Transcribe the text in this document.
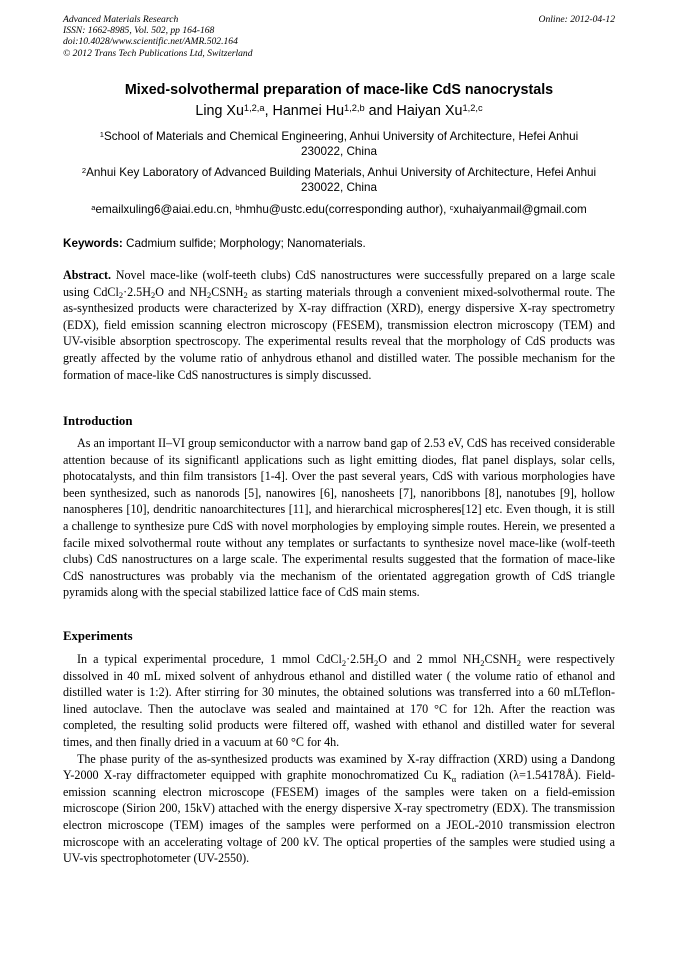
Advanced Materials Research
ISSN: 1662-8985, Vol. 502, pp 164-168
doi:10.4028/www.scientific.net/AMR.502.164
© 2012 Trans Tech Publications Ltd, Switzerland
Online: 2012-04-12
Mixed-solvothermal preparation of mace-like CdS nanocrystals
Ling Xu$^{1,2,a}$, Hanmei Hu$^{1,2,b}$ and Haiyan Xu$^{1,2,c}$
$^1$School of Materials and Chemical Engineering, Anhui University of Architecture, Hefei Anhui
230022, China
$^2$Anhui Key Laboratory of Advanced Building Materials, Anhui University of Architecture, Hefei Anhui
230022, China
$^a$emailxuling6@aiai.edu.cn, $^b$hmhu@ustc.edu(corresponding author), $^c$xuhaiyanmail@gmail.com
Keywords: Cadmium sulfide; Morphology; Nanomaterials.

Abstract. Novel mace-like (wolf-teeth clubs) CdS nanostructures were successfully prepared on a large scale using $CdCl_2\cdot 2.5H_2O$ and $NH_2CSNH_2$ as starting materials through a convenient mixed-solvothermal route. The as-synthesized products were characterized by X-ray diffraction (XRD), energy dispersive X-ray spectrometry (EDX), field emission scanning electron microscopy (FESEM), transmission electron microscopy (TEM) and UV-visible absorption spectroscopy. The experimental results reveal that the morphology of CdS products was greatly affected by the volume ratio of anhydrous ethanol and distilled water. The possible mechanism for the formation of mace-like CdS nanostructures is simply discussed.

Introduction

As an important II–VI group semiconductor with a narrow band gap of 2.53 eV, CdS has received considerable attention because of its significantl applications such as light emitting diodes, flat panel displays, solar cells, photocatalysts, and thin film transistors [1-4]. Over the past several years, CdS with various morphologies have been synthesized, such as nanorods [5], nanowires [6], nanosheets [7], nanoribbons [8], nanotubes [9], hollow nanospheres [10], dendritic nanoarchitectures [11], and hierarchical microspheres[12] etc. Even though, it is still a challenge to synthesize pure CdS with novel morphologies by employing simple routes. Herein, we presented a facile mixed solvothermal route without any templates or surfactants to synthesize novel mace-like (wolf-teeth clubs) CdS nanostructures on a large scale. The experimental results suggested that the formation of mace-like CdS nanostructures was probably via the mechanism of the orientated aggregation growth of CdS triangle pyramids along with the special stabilized lattice face of CdS main stems.

Experiments

In a typical experimental procedure, 1 mmol $CdCl_2\cdot 2.5H_2O$ and 2 mmol $NH_2CSNH_2$ were respectively dissolved in 40 mL mixed solvent of anhydrous ethanol and distilled water ( the volume ratio of ethanol and distilled water is 1:2). After stirring for 30 minutes, the obtained solutions was transferred into a 60 mLTeflon-lined autoclave. Then the autoclave was sealed and maintained at 170 °C for 12h. After the reaction was completed, the resulting solid products were filtered off, washed with ethanol and distilled water for several times, and then finally dried in a vacuum at 60 °C for 4h.

The phase purity of the as-synthesized products was examined by X-ray diffraction (XRD) using a Dandong Y-2000 X-ray diffractometer equipped with graphite monochromatized Cu $K_\alpha$ radiation (λ=1.54178Å). Field-emission scanning electron microscope (FESEM) images of the samples were taken on a field-emission microscope (Sirion 200, 15kV) attached with the energy dispersive X-ray spectrometry (EDX). The transmission electron microscope (TEM) images of the samples were performed on a JEOL-2010 transmission electron microscope with an accelerating voltage of 200 kV. The optical properties of the samples were studied using a UV-vis spectrophotometer (UV-2550).
